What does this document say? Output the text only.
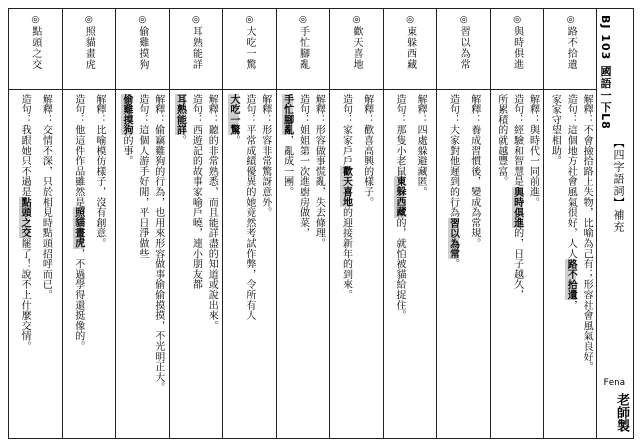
BJ 103 國語一下L8
【四字語詞】補充
Fena
老師製
◎
路不拾遺
解釋：不會撿拾路上失物，比喻為己有；形容社會風氣良好。
造句：這個地方社會風氣很好，人人路不拾遺，
家家守望相助。
◎
與時俱進
解釋：與時代一同前進。
造句：經驗和智慧是與時俱進的，日子越久，
所累積的就越豐富。
◎
習以為常
解釋：養成習慣後，變成為常規。
造句：大家對他遲到的行為習以為常。
◎
東躲西藏
解釋：四處躲避藏匿。
造句：那隻小老鼠東躲西藏的，就怕被貓給捉住。
◎
歡天喜地
解釋：歡喜高興的樣子。
造句：家家戶戶歡天喜地的迎接新年的到來。
◎
手忙腳亂
解釋：形容做事慌亂，失去條理。
造句：姐姐第一次進廚房做菜，
手忙腳亂，亂成一團。
◎
大吃一驚
解釋：形容非常驚訝意外。
造句：平常成績優異的她竟然考試作弊，令所有人
大吃一驚。
◎
耳熟能詳
解釋：聽的非常熟悉，而且能詳盡的知道或說出來。
造句：西遊記的故事家喻戶曉，連小朋友都
耳熟能詳。
◎
偷雞摸狗
解釋：偷竊雞狗的行為，也用來形容做事偷偷摸摸，不光明正大。
造句：這個人游手好閒，平日淨做些
偷雞摸狗的事。
◎
照貓畫虎
解釋：比喻模仿樣子，沒有創意。
造句：他這件作品雖然是照貓畫虎，不過學得還挺像的。
◎
點頭之交
解釋：交情不深，只於相見時點頭招呼而已。
造句：我跟她只不過是點頭之交罷了！說不上什麼交情。
